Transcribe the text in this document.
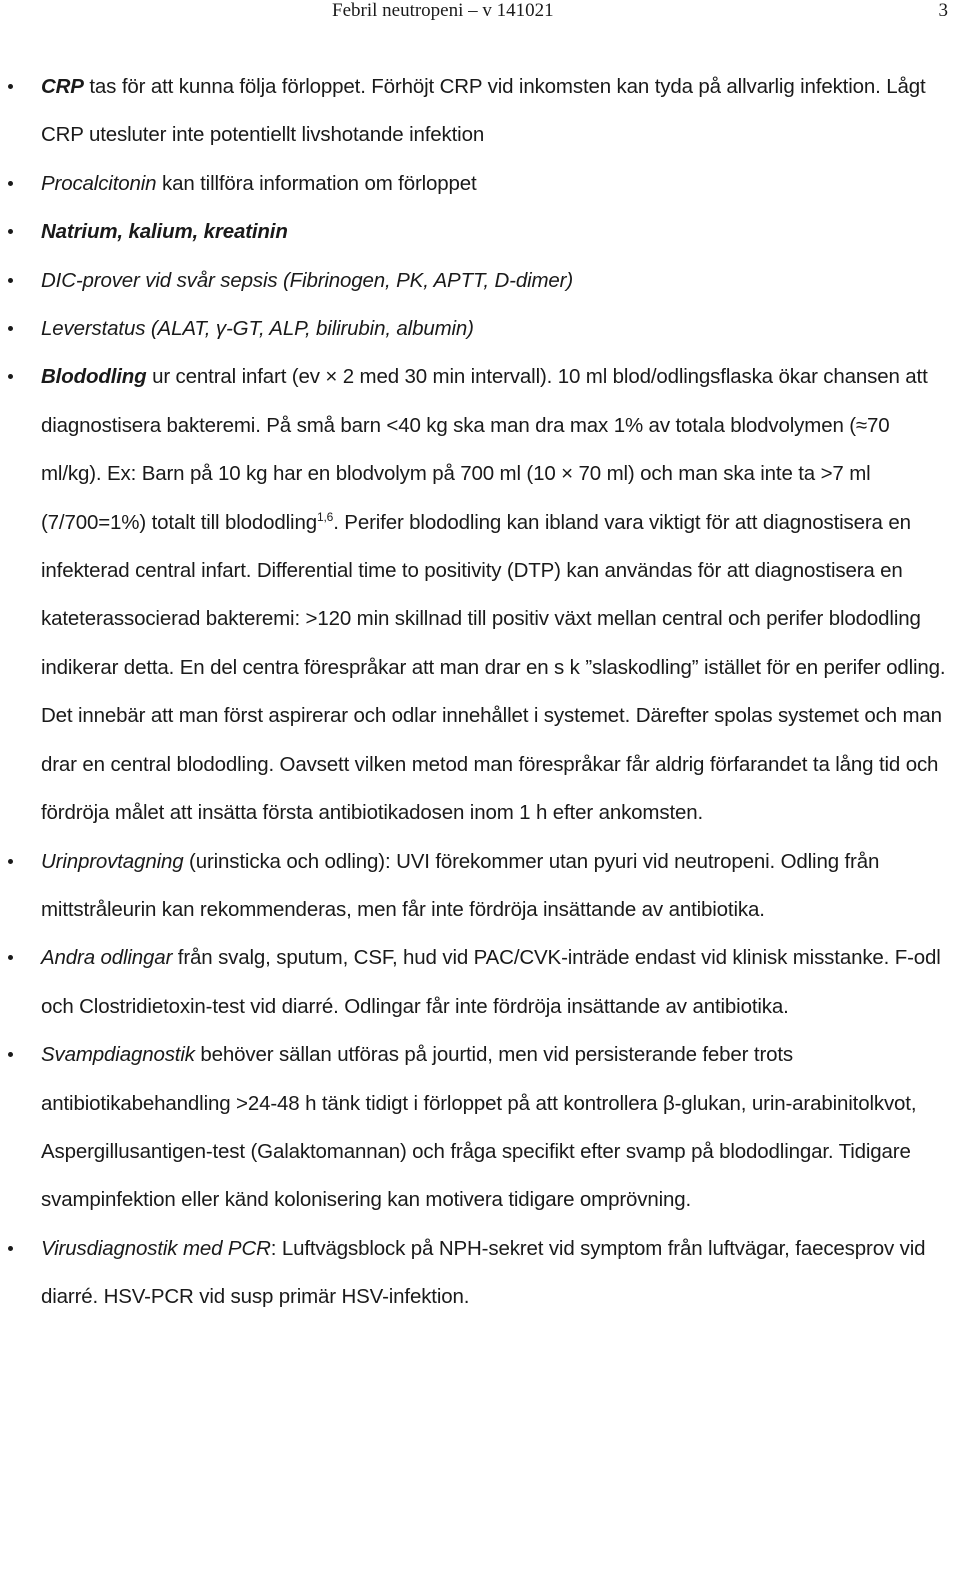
Febril neutropeni – v 141021	3

CRP tas för att kunna följa förloppet. Förhöjt CRP vid inkomsten kan tyda på allvarlig infektion. Lågt CRP utesluter inte potentiellt livshotande infektion

Procalcitonin kan tillföra information om förloppet

Natrium, kalium, kreatinin

DIC-prover vid svår sepsis (Fibrinogen, PK, APTT, D-dimer)

Leverstatus (ALAT, γ-GT, ALP, bilirubin, albumin)

Blododling ur central infart (ev × 2 med 30 min intervall). 10 ml blod/odlingsflaska ökar chansen att diagnostisera bakteremi. På små barn <40 kg ska man dra max 1% av totala blodvolymen (≈70 ml/kg). Ex: Barn på 10 kg har en blodvolym på 700 ml (10 × 70 ml) och man ska inte ta >7 ml (7/700=1%) totalt till blododling$^{1,6}$. Perifer blododling kan ibland vara viktigt för att diagnostisera en infekterad central infart. Differential time to positivity (DTP) kan användas för att diagnostisera en kateterassocierad bakteremi: >120 min skillnad till positiv växt mellan central och perifer blododling indikerar detta. En del centra förespråkar att man drar en s k ”slaskodling” istället för en perifer odling. Det innebär att man först aspirerar och odlar innehållet i systemet. Därefter spolas systemet och man drar en central blododling. Oavsett vilken metod man förespråkar får aldrig förfarandet ta lång tid och fördröja målet att insätta första antibiotikadosen inom 1 h efter ankomsten.

Urinprovtagning (urinsticka och odling): UVI förekommer utan pyuri vid neutropeni. Odling från mittstråleurin kan rekommenderas, men får inte fördröja insättande av antibiotika.

Andra odlingar från svalg, sputum, CSF, hud vid PAC/CVK-inträde endast vid klinisk misstanke. F-odl och Clostridietoxin-test vid diarré. Odlingar får inte fördröja insättande av antibiotika.

Svampdiagnostik behöver sällan utföras på jourtid, men vid persisterande feber trots antibiotikabehandling >24-48 h tänk tidigt i förloppet på att kontrollera β-glukan, urin-arabinitolkvot, Aspergillusantigen-test (Galaktomannan) och fråga specifikt efter svamp på blododlingar. Tidigare svampinfektion eller känd kolonisering kan motivera tidigare omprövning.

Virusdiagnostik med PCR: Luftvägsblock på NPH-sekret vid symptom från luftvägar, faecesprov vid diarré. HSV-PCR vid susp primär HSV-infektion.
